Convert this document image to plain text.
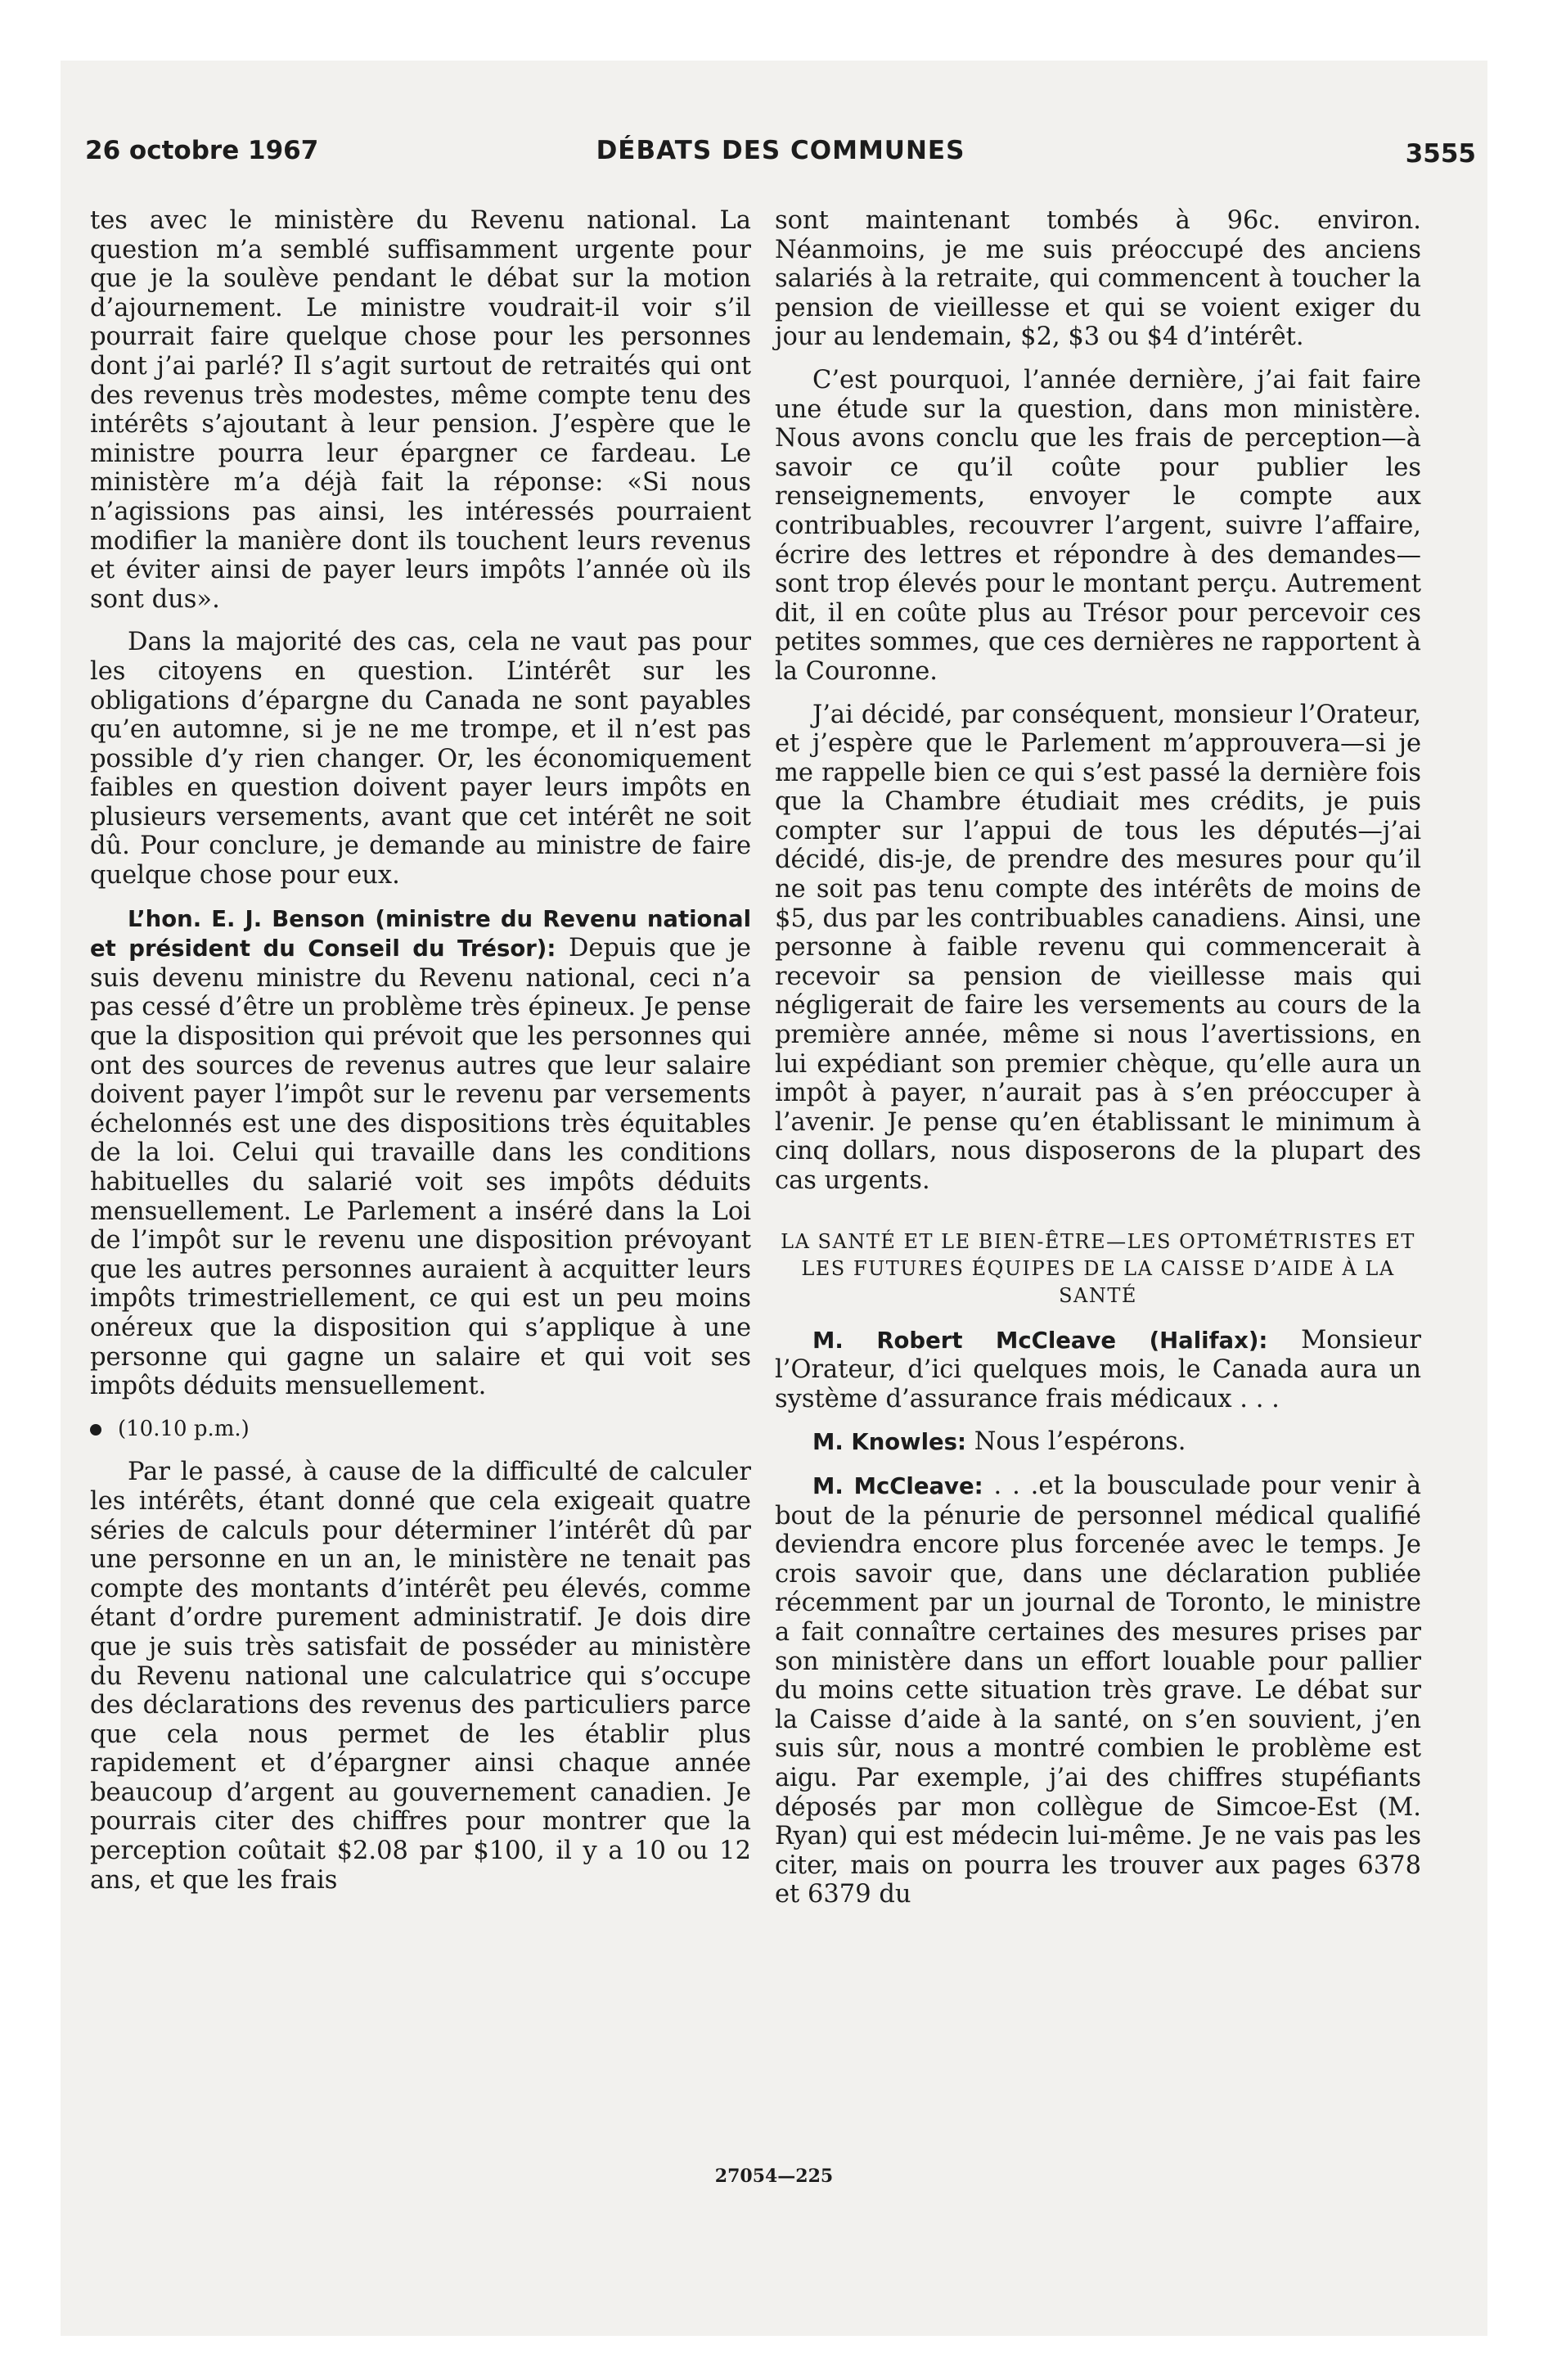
26 octobre 1967	DÉBATS DES COMMUNES	3555

tes avec le ministère du Revenu national. La question m’a semblé suffisamment urgente pour que je la soulève pendant le débat sur la motion d’ajournement. Le ministre voudrait-il voir s’il pourrait faire quelque chose pour les personnes dont j’ai parlé? Il s’agit surtout de retraités qui ont des revenus très modestes, même compte tenu des intérêts s’ajoutant à leur pension. J’espère que le ministre pourra leur épargner ce fardeau. Le ministère m’a déjà fait la réponse: «Si nous n’agissions pas ainsi, les intéressés pourraient modifier la manière dont ils touchent leurs revenus et éviter ainsi de payer leurs impôts l’année où ils sont dus».

Dans la majorité des cas, cela ne vaut pas pour les citoyens en question. L’intérêt sur les obligations d’épargne du Canada ne sont payables qu’en automne, si je ne me trompe, et il n’est pas possible d’y rien changer. Or, les économiquement faibles en question doivent payer leurs impôts en plusieurs versements, avant que cet intérêt ne soit dû. Pour conclure, je demande au ministre de faire quelque chose pour eux.

L’hon. E. J. Benson (ministre du Revenu national et président du Conseil du Trésor): Depuis que je suis devenu ministre du Revenu national, ceci n’a pas cessé d’être un problème très épineux. Je pense que la disposition qui prévoit que les personnes qui ont des sources de revenus autres que leur salaire doivent payer l’impôt sur le revenu par versements échelonnés est une des dispositions très équitables de la loi. Celui qui travaille dans les conditions habituelles du salarié voit ses impôts déduits mensuellement. Le Parlement a inséré dans la Loi de l’impôt sur le revenu une disposition prévoyant que les autres personnes auraient à acquitter leurs impôts trimestriellement, ce qui est un peu moins onéreux que la disposition qui s’applique à une personne qui gagne un salaire et qui voit ses impôts déduits mensuellement.

(10.10 p.m.)

Par le passé, à cause de la difficulté de calculer les intérêts, étant donné que cela exigeait quatre séries de calculs pour déterminer l’intérêt dû par une personne en un an, le ministère ne tenait pas compte des montants d’intérêt peu élevés, comme étant d’ordre purement administratif. Je dois dire que je suis très satisfait de posséder au ministère du Revenu national une calculatrice qui s’occupe des déclarations des revenus des particuliers parce que cela nous permet de les établir plus rapidement et d’épargner ainsi chaque année beaucoup d’argent au gouvernement canadien. Je pourrais citer des chiffres pour montrer que la perception coûtait $2.08 par $100, il y a 10 ou 12 ans, et que les frais

sont maintenant tombés à 96c. environ. Néanmoins, je me suis préoccupé des anciens salariés à la retraite, qui commencent à toucher la pension de vieillesse et qui se voient exiger du jour au lendemain, $2, $3 ou $4 d’intérêt.

C’est pourquoi, l’année dernière, j’ai fait faire une étude sur la question, dans mon ministère. Nous avons conclu que les frais de perception—à savoir ce qu’il coûte pour publier les renseignements, envoyer le compte aux contribuables, recouvrer l’argent, suivre l’affaire, écrire des lettres et répondre à des demandes—sont trop élevés pour le montant perçu. Autrement dit, il en coûte plus au Trésor pour percevoir ces petites sommes, que ces dernières ne rapportent à la Couronne.

J’ai décidé, par conséquent, monsieur l’Orateur, et j’espère que le Parlement m’approuvera—si je me rappelle bien ce qui s’est passé la dernière fois que la Chambre étudiait mes crédits, je puis compter sur l’appui de tous les députés—j’ai décidé, dis-je, de prendre des mesures pour qu’il ne soit pas tenu compte des intérêts de moins de $5, dus par les contribuables canadiens. Ainsi, une personne à faible revenu qui commencerait à recevoir sa pension de vieillesse mais qui négligerait de faire les versements au cours de la première année, même si nous l’avertissions, en lui expédiant son premier chèque, qu’elle aura un impôt à payer, n’aurait pas à s’en préoccuper à l’avenir. Je pense qu’en établissant le minimum à cinq dollars, nous disposerons de la plupart des cas urgents.

LA SANTÉ ET LE BIEN-ÊTRE—LES OPTOMÉTRISTES ET LES FUTURES ÉQUIPES DE LA CAISSE D’AIDE À LA SANTÉ

M. Robert McCleave (Halifax): Monsieur l’Orateur, d’ici quelques mois, le Canada aura un système d’assurance frais médicaux . . .

M. Knowles: Nous l’espérons.

M. McCleave: . . .et la bousculade pour venir à bout de la pénurie de personnel médical qualifié deviendra encore plus forcenée avec le temps. Je crois savoir que, dans une déclaration publiée récemment par un journal de Toronto, le ministre a fait connaître certaines des mesures prises par son ministère dans un effort louable pour pallier du moins cette situation très grave. Le débat sur la Caisse d’aide à la santé, on s’en souvient, j’en suis sûr, nous a montré combien le problème est aigu. Par exemple, j’ai des chiffres stupéfiants déposés par mon collègue de Simcoe-Est (M. Ryan) qui est médecin lui-même. Je ne vais pas les citer, mais on pourra les trouver aux pages 6378 et 6379 du

27054—225
